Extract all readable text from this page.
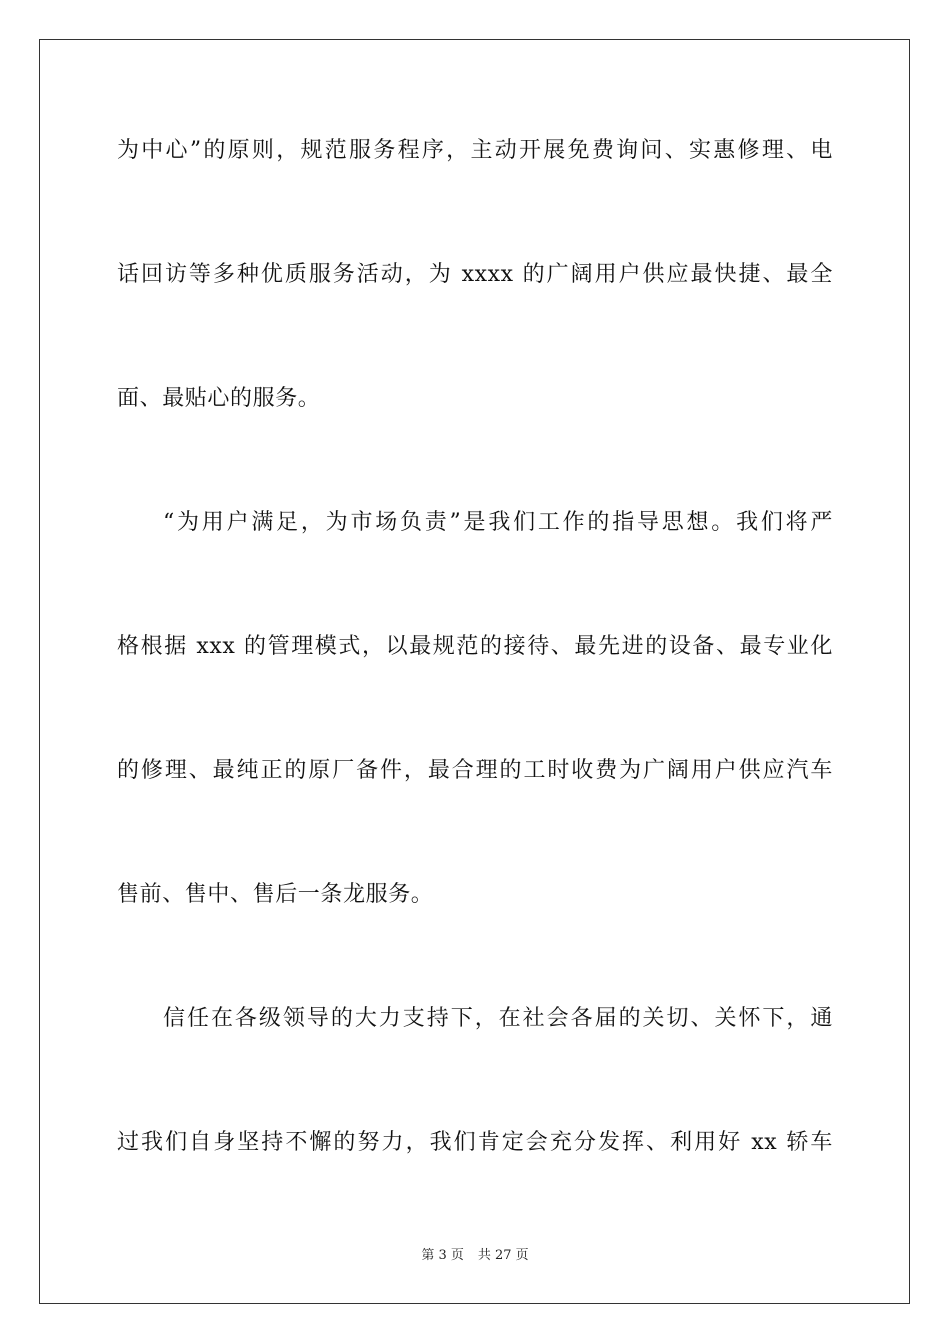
为中心”的原则，规范服务程序，主动开展免费询问、实惠修理、电
话回访等多种优质服务活动，为 xxxx 的广阔用户供应最快捷、最全
面、最贴心的服务。
“为用户满足，为市场负责”是我们工作的指导思想。我们将严
格根据 xxx 的管理模式，以最规范的接待、最先进的设备、最专业化
的修理、最纯正的原厂备件，最合理的工时收费为广阔用户供应汽车
售前、售中、售后一条龙服务。
信任在各级领导的大力支持下，在社会各届的关切、关怀下，通
过我们自身坚持不懈的努力，我们肯定会充分发挥、利用好 xx 轿车
第 3 页 共 27 页
